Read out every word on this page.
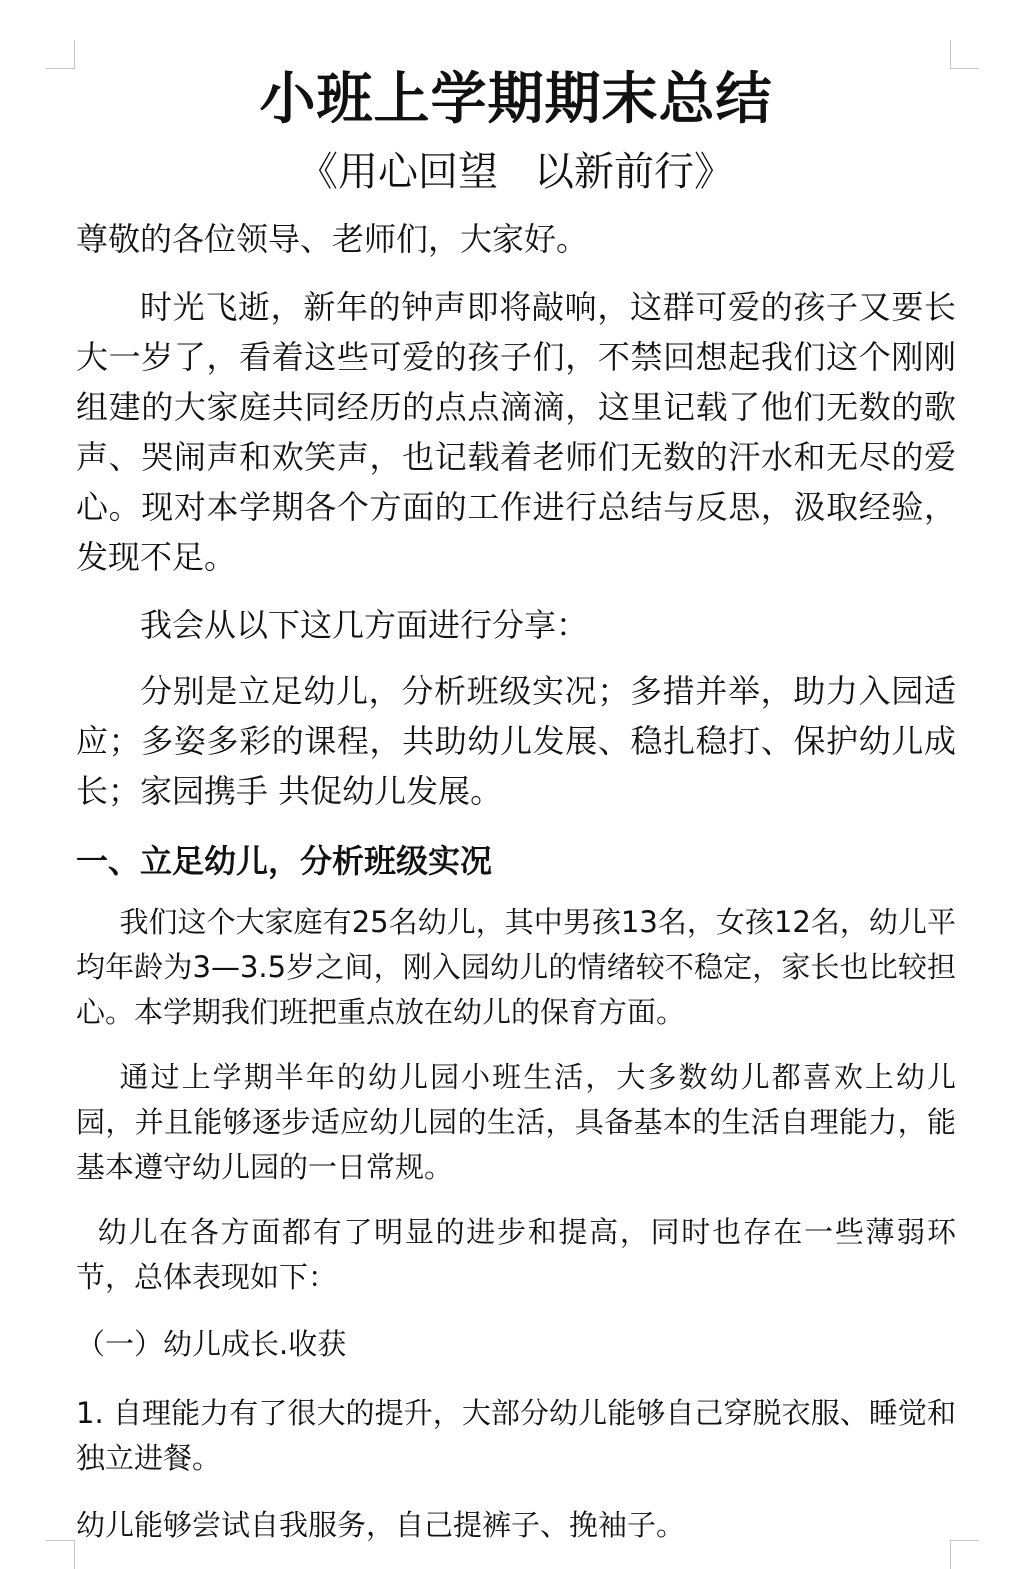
小班上学期期末总结

《用心回望 以新前行》

尊敬的各位领导、老师们，大家好。

时光飞逝，新年的钟声即将敲响，这群可爱的孩子又要长大一岁了，看着这些可爱的孩子们，不禁回想起我们这个刚刚组建的大家庭共同经历的点点滴滴，这里记载了他们无数的歌声、哭闹声和欢笑声，也记载着老师们无数的汗水和无尽的爱心。现对本学期各个方面的工作进行总结与反思，汲取经验，发现不足。

我会从以下这几方面进行分享：

分别是立足幼儿，分析班级实况；多措并举，助力入园适应；多姿多彩的课程，共助幼儿发展、稳扎稳打、保护幼儿成长；家园携手 共促幼儿发展。

一、立足幼儿，分析班级实况

我们这个大家庭有25名幼儿，其中男孩13名，女孩12名，幼儿平均年龄为3—3.5岁之间，刚入园幼儿的情绪较不稳定，家长也比较担心。本学期我们班把重点放在幼儿的保育方面。

通过上学期半年的幼儿园小班生活，大多数幼儿都喜欢上幼儿园，并且能够逐步适应幼儿园的生活，具备基本的生活自理能力，能基本遵守幼儿园的一日常规。

幼儿在各方面都有了明显的进步和提高，同时也存在一些薄弱环节，总体表现如下：

（一）幼儿成长.收获

1. 自理能力有了很大的提升，大部分幼儿能够自己穿脱衣服、睡觉和独立进餐。

幼儿能够尝试自我服务，自己提裤子、挽袖子。
